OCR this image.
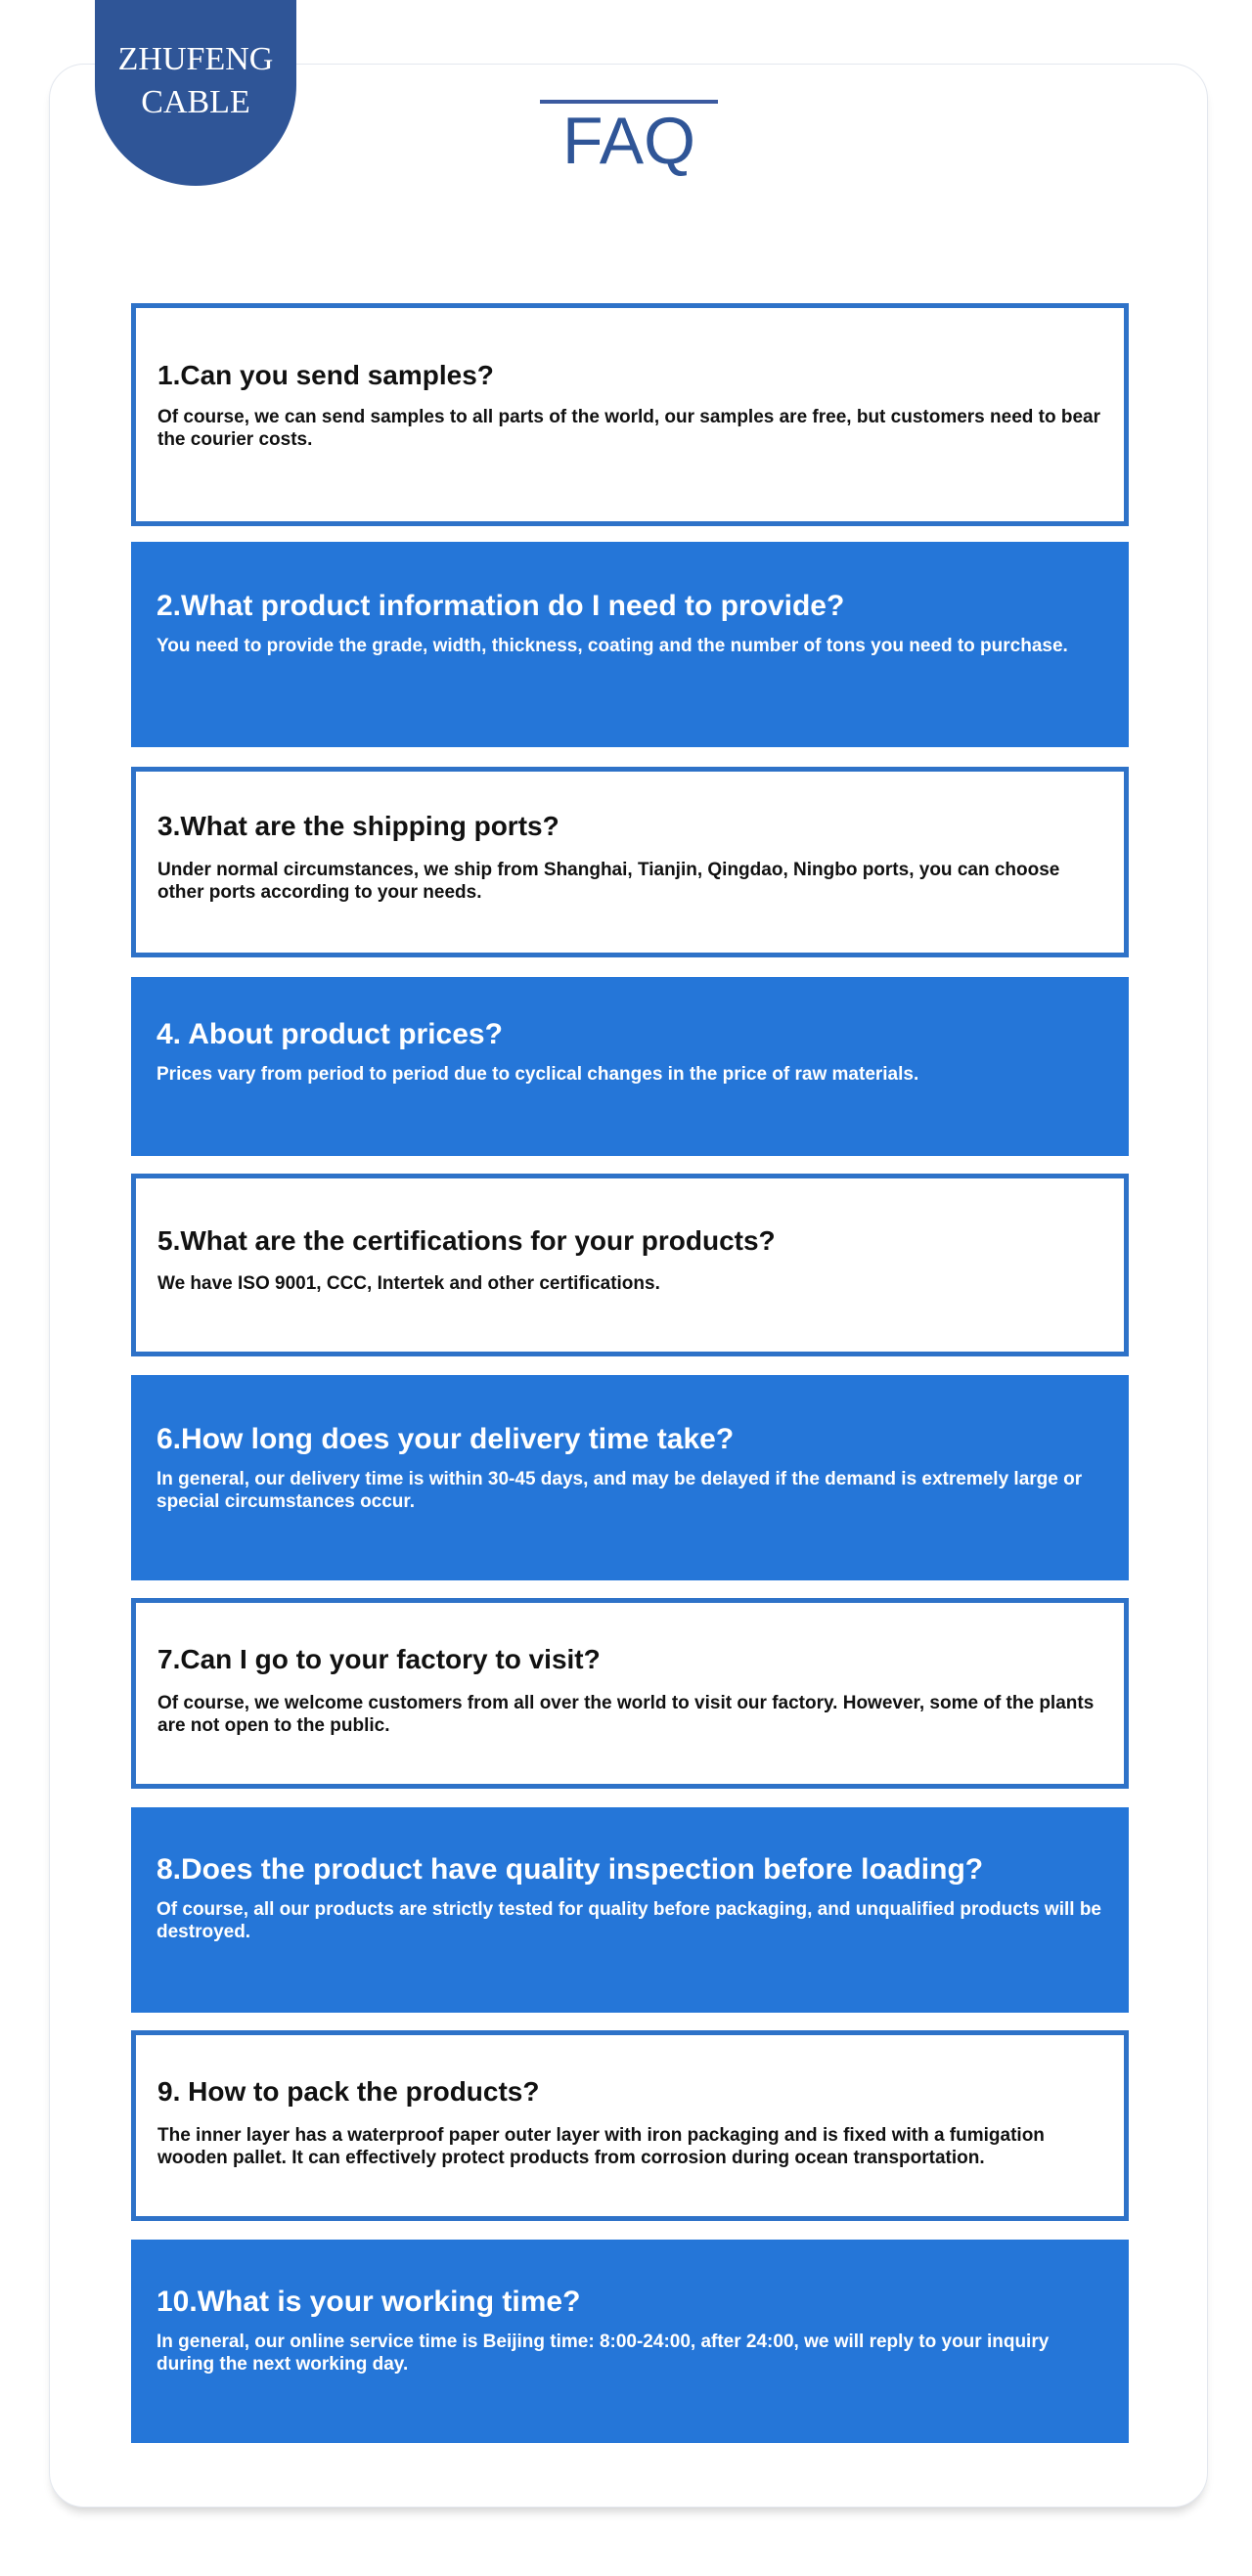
ZHUFENG
CABLE
FAQ
1.Can you send samples?

Of course, we can send samples to all parts of the world, our samples are free, but customers need to bear the courier costs.

2.What product information do I need to provide?

You need to provide the grade, width, thickness, coating and the number of tons you need to purchase.

3.What are the shipping ports?

Under normal circumstances, we ship from Shanghai, Tianjin, Qingdao, Ningbo ports, you can choose other ports according to your needs.

4. About product prices?

Prices vary from period to period due to cyclical changes in the price of raw materials.

5.What are the certifications for your products?

We have ISO 9001, CCC, Intertek and other certifications.

6.How long does your delivery time take?

In general, our delivery time is within 30-45 days, and may be delayed if the demand is extremely large or special circumstances occur.

7.Can I go to your factory to visit?

Of course, we welcome customers from all over the world to visit our factory. However, some of the plants are not open to the public.

8.Does the product have quality inspection before loading?

Of course, all our products are strictly tested for quality before packaging, and unqualified products will be destroyed.

9. How to pack the products?

The inner layer has a waterproof paper outer layer with iron packaging and is fixed with a fumigation wooden pallet. It can effectively protect products from corrosion during ocean transportation.

10.What is your working time?

In general, our online service time is Beijing time: 8:00-24:00, after 24:00, we will reply to your inquiry during the next working day.
